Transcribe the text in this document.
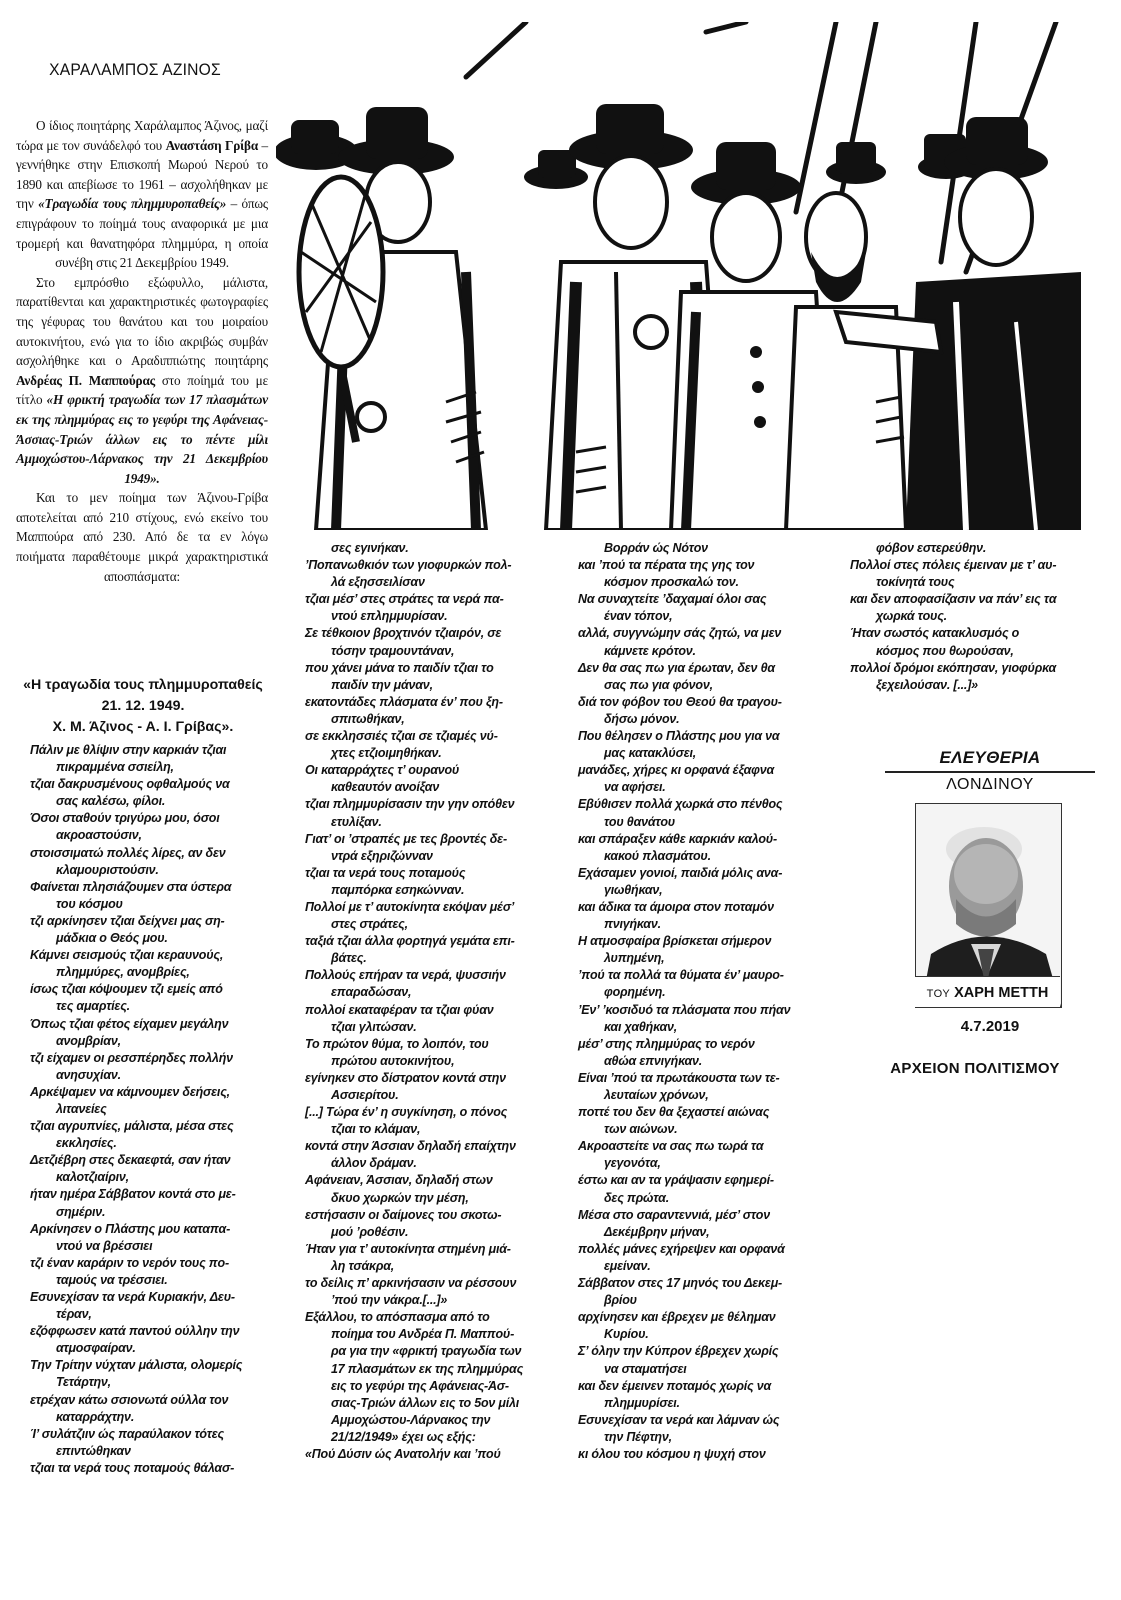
ΧΑΡΑΛΑΜΠΟΣ ΑΖΙΝΟΣ

Ο ίδιος ποιητάρης Χαράλαμπος Άζινος, μαζί τώρα με τον συνάδελφό του Αναστάση Γρίβα – γεννήθηκε στην Επισκοπή Μωρού Νερού το 1890 και απεβίωσε το 1961 – ασχολήθηκαν με την «Τραγωδία τους πλημμυροπαθείς» – όπως επιγράφουν το ποίημά τους αναφορικά με μια τρομερή και θανατηφόρα πλημμύρα, η οποία συνέβη στις 21 Δεκεμβρίου 1949.

Στο εμπρόσθιο εξώφυλλο, μάλιστα, παρατίθενται και χαρακτηριστικές φωτογραφίες της γέφυρας του θανάτου και του μοιραίου αυτοκινήτου, ενώ για το ίδιο ακριβώς συμβάν ασχολήθηκε και ο Αραδιππιώτης ποιητάρης Ανδρέας Π. Μαππούρας στο ποίημά του με τίτλο «Η φρικτή τραγωδία των 17 πλασμάτων εκ της πλημμύρας εις το γεφύρι της Αφάνειας-Άσσιας-Τριών άλλων εις το πέντε μίλι Αμμοχώστου-Λάρνακος την 21 Δεκεμβρίου 1949».

Και το μεν ποίημα των Άζινου-Γρίβα αποτελείται από 210 στίχους, ενώ εκείνο του Μαππούρα από 230. Από δε τα εν λόγω ποιήματα παραθέτουμε μικρά χαρακτηριστικά αποσπάσματα:

«Η τραγωδία τους πλημμυροπαθείς
21. 12. 1949.
Χ. Μ. Άζινος - Α. Ι. Γρίβας».
Πάλιν με θλίψιν στην καρκιάν τζιαι
πικραμμένα σσιείλη,
τζιαι δακρυσμένους οφθαλμούς να
σας καλέσω, φίλοι.
Όσοι σταθούν τριγύρω μου, όσοι
ακροαστούσιν,
στοισσιματώ πολλές λίρες, αν δεν
κλαμουριστούσιν.
Φαίνεται πλησιάζουμεν στα ύστερα
του κόσμου
τζι αρκίνησεν τζιαι δείχνει μας ση-
μάδκια ο Θεός μου.
Κάμνει σεισμούς τζιαι κεραυνούς,
πλημμύρες, ανομβρίες,
ίσως τζιαι κόψουμεν τζι εμείς από
τες αμαρτίες.
Όπως τζιαι φέτος είχαμεν μεγάλην
ανομβρίαν,
τζι είχαμεν οι ρεσσπέρηδες πολλήν
ανησυχίαν.
Αρκέψαμεν να κάμνουμεν δεήσεις,
λιτανείες
τζιαι αγρυπνίες, μάλιστα, μέσα στες
εκκλησίες.
Δετζιέβρη στες δεκαεφτά, σαν ήταν
καλοτζιαίριν,
ήταν ημέρα Σάββατον κοντά στο με-
σημέριν.
Αρκίνησεν ο Πλάστης μου καταπα-
ντού να βρέσσιει
τζι έναν καράριν το νερόν τους πο-
ταμούς να τρέσσιει.
Εσυνεχίσαν τα νερά Κυριακήν, Δευ-
τέραν,
εζόφφωσεν κατά παντού ούλλην την
ατμοσφαίραν.
Την Τρίτην νύχταν μάλιστα, ολομερίς
Τετάρτην,
ετρέχαν κάτω σσιονωτά ούλλα τον
καταρράχτην.
Ί’ συλάτζιιν ώς παραύλακον τότες
επιντώθηκαν
τζιαι τα νερά τους ποταμούς θάλασ-
σες εγινήκαν.
’Ποπανωθκιόν των γιοφυρκών πολ-
λά εξησσειλίσαν
τζιαι μέσ’ στες στράτες τα νερά πα-
ντού επλημμυρίσαν.
Σε τέθκοιον βροχτινόν τζιαιρόν, σε
τόσην τραμουντάναν,
που χάνει μάνα το παιδίν τζιαι το
παιδίν την μάναν,
εκατοντάδες πλάσματα έν’ που ξη-
σπιτωθήκαν,
σε εκκλησσιές τζιαι σε τζιαμές νύ-
χτες ετζιοιμηθήκαν.
Οι καταρράχτες τ’ ουρανού
καθεαυτόν ανοίξαν
τζιαι πλημμυρίσασιν την γην οπόθεν
ετυλίξαν.
Γιατ’ οι ’στραπές με τες βροντές δε-
ντρά εξηριζώνναν
τζιαι τα νερά τους ποταμούς
παμπόρκα εσηκώνναν.
Πολλοί με τ’ αυτοκίνητα εκόψαν μέσ’
στες στράτες,
ταξιά τζιαι άλλα φορτηγά γεμάτα επι-
βάτες.
Πολλούς επήραν τα νερά, ψυσσιήν
επαραδώσαν,
πολλοί εκαταφέραν τα τζιαι φύαν
τζιαι γλιτώσαν.
Το πρώτον θύμα, το λοιπόν, του
πρώτου αυτοκινήτου,
εγίνηκεν στο δίστρατον κοντά στην
Ασσιερίτου.
[...] Τώρα έν’ η συγκίνηση, ο πόνος
τζιαι το κλάμαν,
κοντά στην Άσσιαν δηλαδή επαίχτην
άλλον δράμαν.
Αφάνειαν, Άσσιαν, δηλαδή στων
δκυο χωρκών την μέση,
εστήσασιν οι δαίμονες του σκοτω-
μού ’ροθέσιν.
Ήταν για τ’ αυτοκίνητα στημένη μιά-
λη τσάκρα,
το δείλις π’ αρκινήσασιν να ρέσσουν
’πού την νάκρα.[...]»
Εξάλλου, το απόσπασμα από το
ποίημα του Ανδρέα Π. Μαππού-
ρα για την «φρικτή τραγωδία των
17 πλασμάτων εκ της πλημμύρας
εις το γεφύρι της Αφάνειας-Άσ-
σιας-Τριών άλλων εις το 5ον μίλι
Αμμοχώστου-Λάρνακος την
21/12/1949» έχει ως εξής:
«Πού Δύσιν ώς Ανατολήν και ’πού
Βορράν ώς Νότον
και ’πού τα πέρατα της γης τον
κόσμον προσκαλώ τον.
Να συναχτείτε ’δαχαμαί όλοι σας
έναν τόπον,
αλλά, συγγνώμην σάς ζητώ, να μεν
κάμνετε κρότον.
Δεν θα σας πω για έρωταν, δεν θα
σας πω για φόνον,
διά τον φόβον του Θεού θα τραγου-
δήσω μόνον.
Που θέλησεν ο Πλάστης μου για να
μας κατακλύσει,
μανάδες, χήρες κι ορφανά έξαφνα
να αφήσει.
Εβύθισεν πολλά χωρκά στο πένθος
του θανάτου
και σπάραξεν κάθε καρκιάν καλού-
κακού πλασμάτου.
Εχάσαμεν γονιοί, παιδιά μόλις ανα-
γιωθήκαν,
και άδικα τα άμοιρα στον ποταμόν
πνιγήκαν.
Η ατμοσφαίρα βρίσκεται σήμερον
λυπημένη,
’πού τα πολλά τα θύματα έν’ μαυρο-
φορημένη.
’Εν’ ’κοσιδυό τα πλάσματα που πήαν
και χαθήκαν,
μέσ’ στης πλημμύρας το νερόν
αθώα επνιγήκαν.
Είναι ’πού τα πρωτάκουστα των τε-
λευταίων χρόνων,
ποττέ του δεν θα ξεχαστεί αιώνας
των αιώνων.
Ακροαστείτε να σας πω τωρά τα
γεγονότα,
έστω και αν τα γράψασιν εφημερί-
δες πρώτα.
Μέσα στο σαραντεννιά, μέσ’ στον
Δεκέμβρην μήναν,
πολλές μάνες εχήρεψεν και ορφανά
εμείναν.
Σάββατον στες 17 μηνός του Δεκεμ-
βρίου
αρχίνησεν και έβρεχεν με θέλημαν
Κυρίου.
Σ’ όλην την Κύπρον έβρεχεν χωρίς
να σταματήσει
και δεν έμεινεν ποταμός χωρίς να
πλημμυρίσει.
Εσυνεχίσαν τα νερά και λάμναν ώς
την Πέφτην,
κι όλου του κόσμου η ψυχή στον
φόβον εστερεύθην.
Πολλοί στες πόλεις έμειναν με τ’ αυ-
τοκίνητά τους
και δεν αποφασίζασιν να πάν’ εις τα
χωρκά τους.
Ήταν σωστός κατακλυσμός ο
κόσμος που θωρούσαν,
πολλοί δρόμοι εκόπησαν, γιοφύρκα
ξεχειλούσαν. [...]»
ΕΛΕΥΘΕΡΙΑ
ΛΟΝΔΙΝΟΥ
ΤΟΥ ΧΑΡΗ ΜΕΤΤΗ
4.7.2019
ΑΡΧΕΙΟΝ ΠΟΛΙΤΙΣΜΟΥ
